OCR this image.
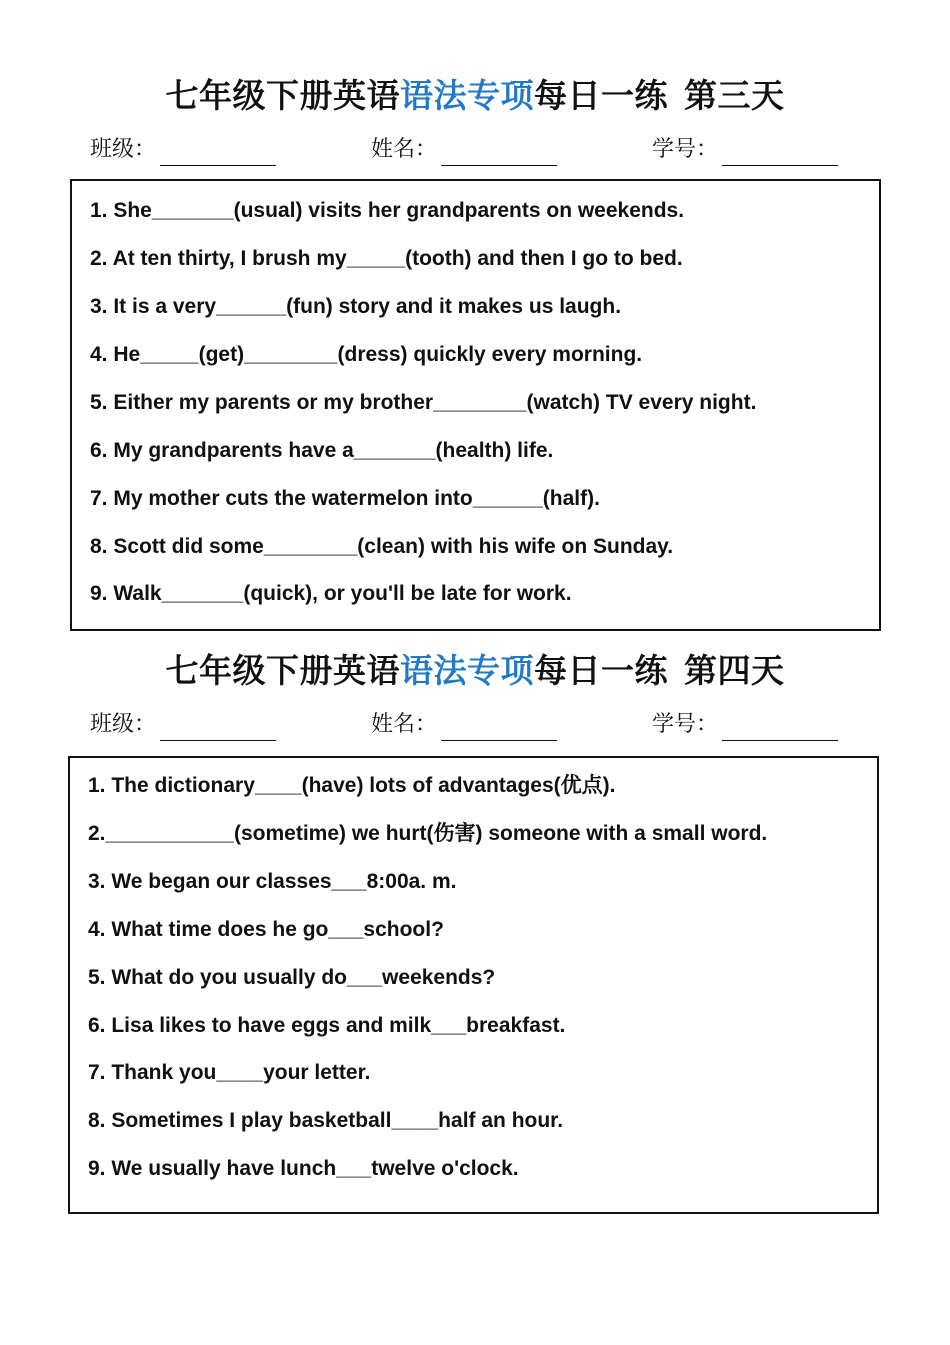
七年级下册英语语法专项每日一练 第三天
班级：	姓名：	学号：
1. She_______(usual) visits her grandparents on weekends.
2. At ten thirty, I brush my_____(tooth) and then I go to bed.
3. It is a very______(fun) story and it makes us laugh.
4. He_____(get)________(dress) quickly every morning.
5. Either my parents or my brother________(watch) TV every night.
6. My grandparents have a_______(health) life.
7. My mother cuts the watermelon into______(half).
8. Scott did some________(clean) with his wife on Sunday.
9. Walk_______(quick), or you'll be late for work.
七年级下册英语语法专项每日一练 第四天
班级：	姓名：	学号：
1. The dictionary____(have) lots of advantages(优点).
2.___________(sometime) we hurt(伤害) someone with a small word.
3. We began our classes___8:00a. m.
4. What time does he go___school?
5. What do you usually do___weekends?
6. Lisa likes to have eggs and milk___breakfast.
7. Thank you____your letter.
8. Sometimes I play basketball____half an hour.
9. We usually have lunch___twelve o'clock.
